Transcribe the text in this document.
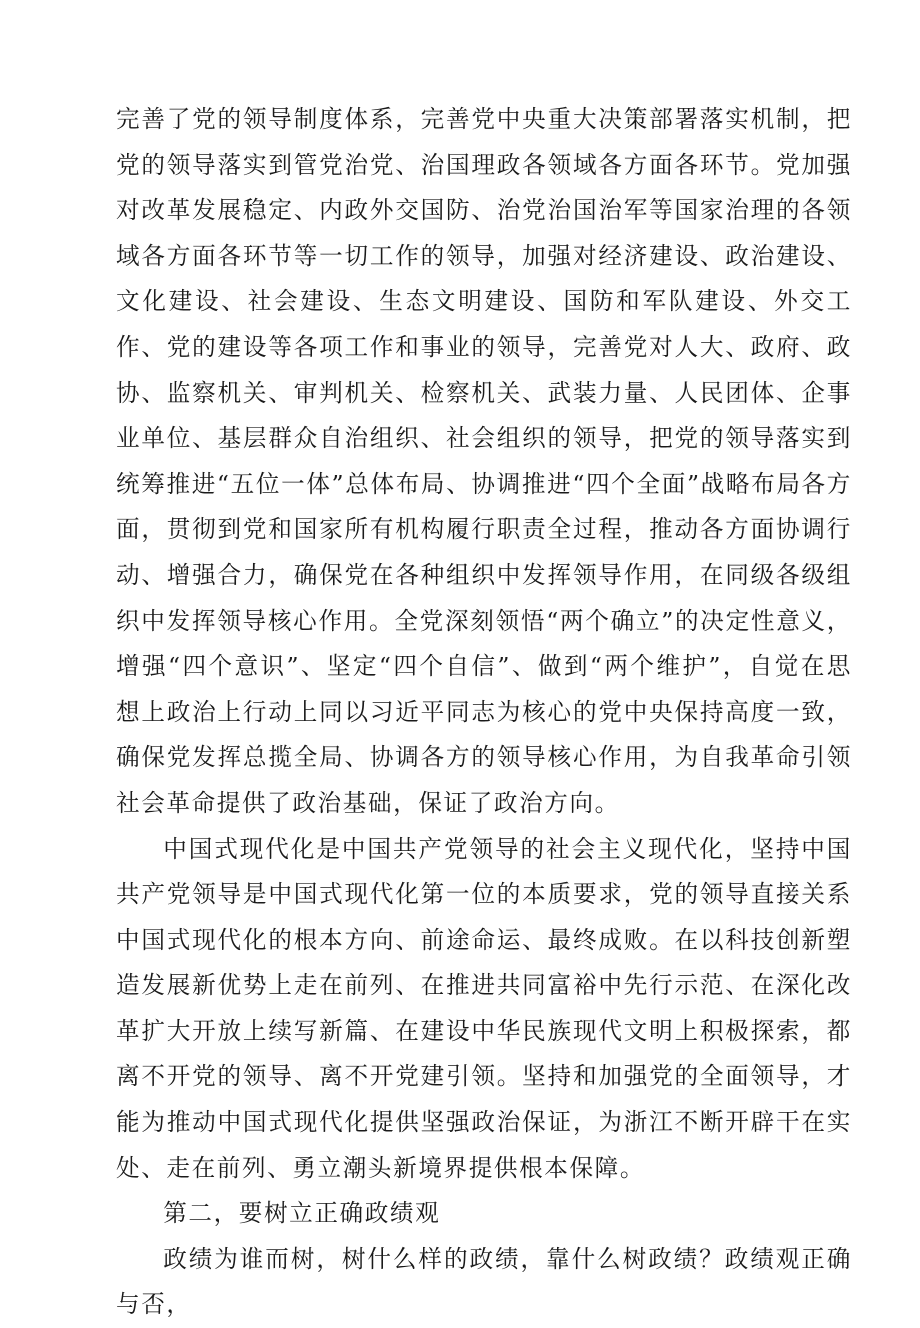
完善了党的领导制度体系，完善党中央重大决策部署落实机制，把党的领导落实到管党治党、治国理政各领域各方面各环节。党加强对改革发展稳定、内政外交国防、治党治国治军等国家治理的各领域各方面各环节等一切工作的领导，加强对经济建设、政治建设、文化建设、社会建设、生态文明建设、国防和军队建设、外交工作、党的建设等各项工作和事业的领导，完善党对人大、政府、政协、监察机关、审判机关、检察机关、武装力量、人民团体、企事业单位、基层群众自治组织、社会组织的领导，把党的领导落实到统筹推进“五位一体”总体布局、协调推进“四个全面”战略布局各方面，贯彻到党和国家所有机构履行职责全过程，推动各方面协调行动、增强合力，确保党在各种组织中发挥领导作用，在同级各级组织中发挥领导核心作用。全党深刻领悟“两个确立”的决定性意义，增强“四个意识”、坚定“四个自信”、做到“两个维护”，自觉在思想上政治上行动上同以习近平同志为核心的党中央保持高度一致，确保党发挥总揽全局、协调各方的领导核心作用，为自我革命引领社会革命提供了政治基础，保证了政治方向。

中国式现代化是中国共产党领导的社会主义现代化，坚持中国共产党领导是中国式现代化第一位的本质要求，党的领导直接关系中国式现代化的根本方向、前途命运、最终成败。在以科技创新塑造发展新优势上走在前列、在推进共同富裕中先行示范、在深化改革扩大开放上续写新篇、在建设中华民族现代文明上积极探索，都离不开党的领导、离不开党建引领。坚持和加强党的全面领导，才能为推动中国式现代化提供坚强政治保证，为浙江不断开辟干在实处、走在前列、勇立潮头新境界提供根本保障。

第二，要树立正确政绩观

政绩为谁而树，树什么样的政绩，靠什么树政绩？政绩观正确与否，
